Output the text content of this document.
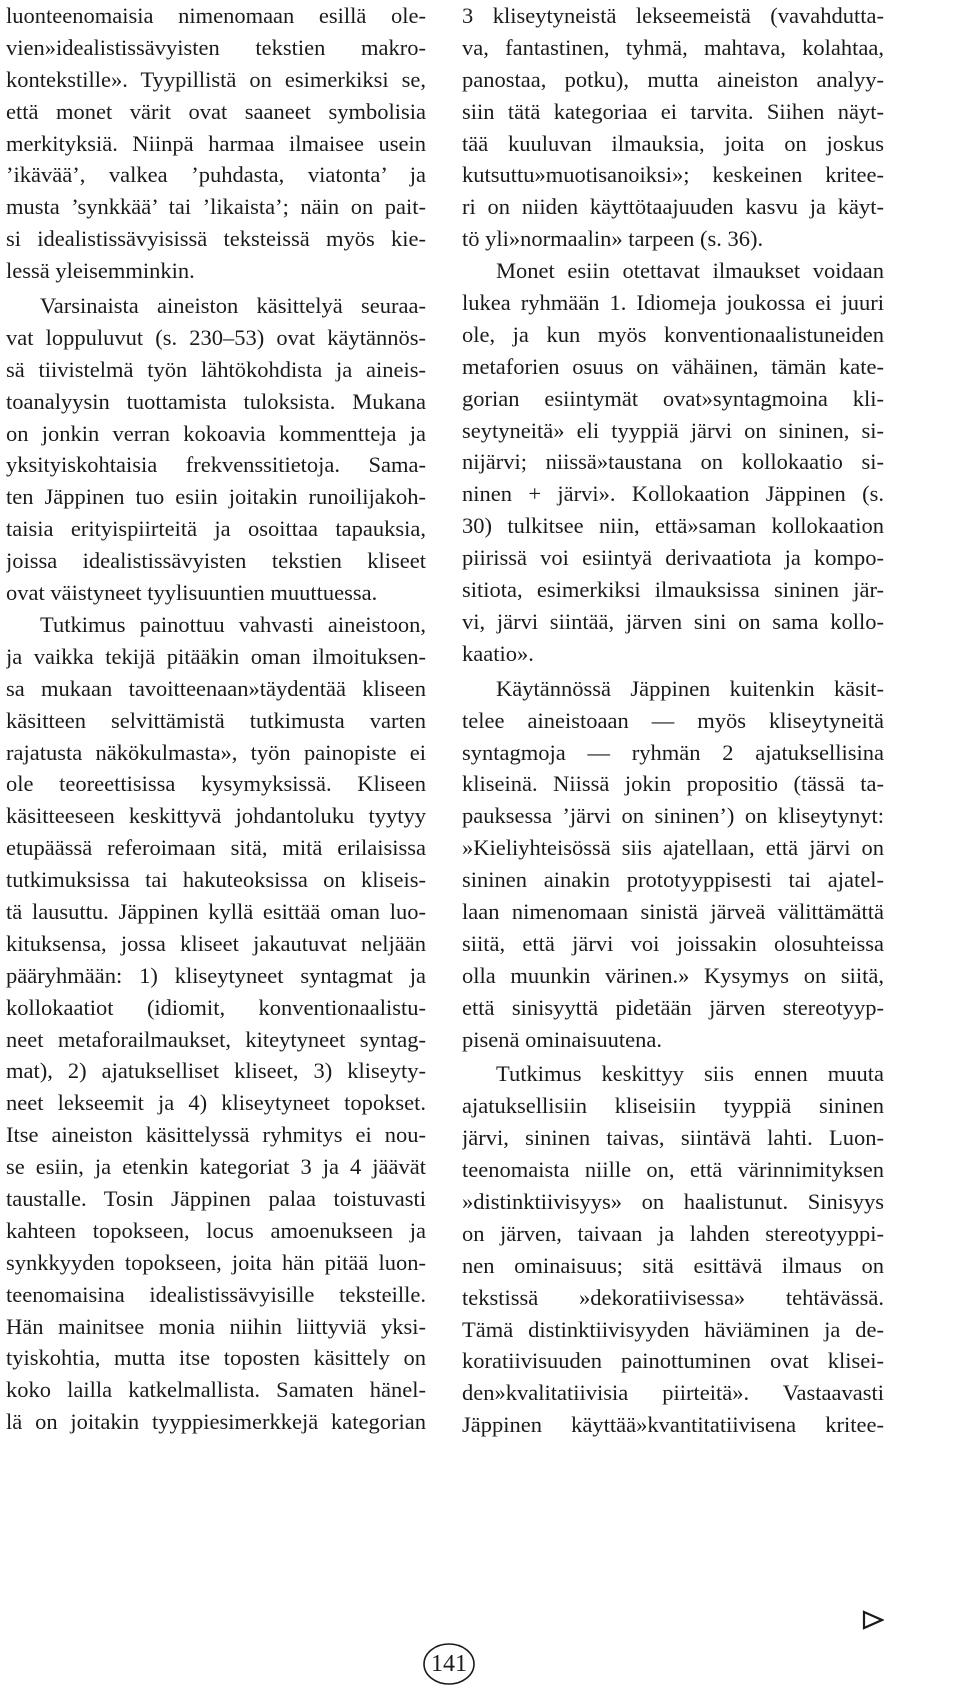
luonteenomaisia nimenomaan esillä ole-
vien»idealistissävyisten tekstien makro-
kontekstille». Tyypillistä on esimerkiksi se,
että monet värit ovat saaneet symbolisia
merkityksiä. Niinpä harmaa ilmaisee usein
’ikävää’, valkea ’puhdasta, viatonta’ ja
musta ’synkkää’ tai ’likaista’; näin on pait-
si idealistissävyisissä teksteissä myös kie-
lessä yleisemminkin.
Varsinaista aineiston käsittelyä seuraa-
vat loppuluvut (s. 230–53) ovat käytännös-
sä tiivistelmä työn lähtökohdista ja aineis-
toanalyysin tuottamista tuloksista. Mukana
on jonkin verran kokoavia kommentteja ja
yksityiskohtaisia frekvenssitietoja. Sama-
ten Jäppinen tuo esiin joitakin runoilijakoh-
taisia erityispiirteitä ja osoittaa tapauksia,
joissa idealistissävyisten tekstien kliseet
ovat väistyneet tyylisuuntien muuttuessa.
Tutkimus painottuu vahvasti aineistoon,
ja vaikka tekijä pitääkin oman ilmoituksen-
sa mukaan tavoitteenaan»täydentää kliseen
käsitteen selvittämistä tutkimusta varten
rajatusta näkökulmasta», työn painopiste ei
ole teoreettisissa kysymyksissä. Kliseen
käsitteeseen keskittyvä johdantoluku tyytyy
etupäässä referoimaan sitä, mitä erilaisissa
tutkimuksissa tai hakuteoksissa on kliseis-
tä lausuttu. Jäppinen kyllä esittää oman luo-
kituksensa, jossa kliseet jakautuvat neljään
pääryhmään: 1) kliseytyneet syntagmat ja
kollokaatiot (idiomit, konventionaalistu-
neet metaforailmaukset, kiteytyneet syntag-
mat), 2) ajatukselliset kliseet, 3) kliseyty-
neet lekseemit ja 4) kliseytyneet topokset.
Itse aineiston käsittelyssä ryhmitys ei nou-
se esiin, ja etenkin kategoriat 3 ja 4 jäävät
taustalle. Tosin Jäppinen palaa toistuvasti
kahteen topokseen, locus amoenukseen ja
synkkyyden topokseen, joita hän pitää luon-
teenomaisina idealistissävyisille teksteille.
Hän mainitsee monia niihin liittyviä yksi-
tyiskohtia, mutta itse toposten käsittely on
koko lailla katkelmallista. Samaten hänel-
lä on joitakin tyyppiesimerkkejä kategorian
3 kliseytyneistä lekseemeistä (vavahdutta-
va, fantastinen, tyhmä, mahtava, kolahtaa,
panostaa, potku), mutta aineiston analyy-
siin tätä kategoriaa ei tarvita. Siihen näyt-
tää kuuluvan ilmauksia, joita on joskus
kutsuttu»muotisanoiksi»; keskeinen kritee-
ri on niiden käyttötaajuuden kasvu ja käyt-
tö yli»normaalin» tarpeen (s. 36).
Monet esiin otettavat ilmaukset voidaan
lukea ryhmään 1. Idiomeja joukossa ei juuri
ole, ja kun myös konventionaalistuneiden
metaforien osuus on vähäinen, tämän kate-
gorian esiintymät ovat»syntagmoina kli-
seytyneitä» eli tyyppiä järvi on sininen, si-
nijärvi; niissä»taustana on kollokaatio si-
ninen + järvi». Kollokaation Jäppinen (s.
30) tulkitsee niin, että»saman kollokaation
piirissä voi esiintyä derivaatiota ja kompo-
sitiota, esimerkiksi ilmauksissa sininen jär-
vi, järvi siintää, järven sini on sama kollo-
kaatio».
Käytännössä Jäppinen kuitenkin käsit-
telee aineistoaan — myös kliseytyneitä
syntagmoja — ryhmän 2 ajatuksellisina
kliseinä. Niissä jokin propositio (tässä ta-
pauksessa ’järvi on sininen’) on kliseytynyt:
»Kieliyhteisössä siis ajatellaan, että järvi on
sininen ainakin prototyyppisesti tai ajatel-
laan nimenomaan sinistä järveä välittämättä
siitä, että järvi voi joissakin olosuhteissa
olla muunkin värinen.» Kysymys on siitä,
että sinisyyttä pidetään järven stereotyyp-
pisenä ominaisuutena.
Tutkimus keskittyy siis ennen muuta
ajatuksellisiin kliseisiin tyyppiä sininen
järvi, sininen taivas, siintävä lahti. Luon-
teenomaista niille on, että värinnimityksen
»distinktiivisyys» on haalistunut. Sinisyys
on järven, taivaan ja lahden stereotyyppi-
nen ominaisuus; sitä esittävä ilmaus on
tekstissä »dekoratiivisessa» tehtävässä.
Tämä distinktiivisyyden häviäminen ja de-
koratiivisuuden painottuminen ovat klisei-
den»kvalitatiivisia piirteitä». Vastaavasti
Jäppinen käyttää»kvantitatiivisena kritee-
141
